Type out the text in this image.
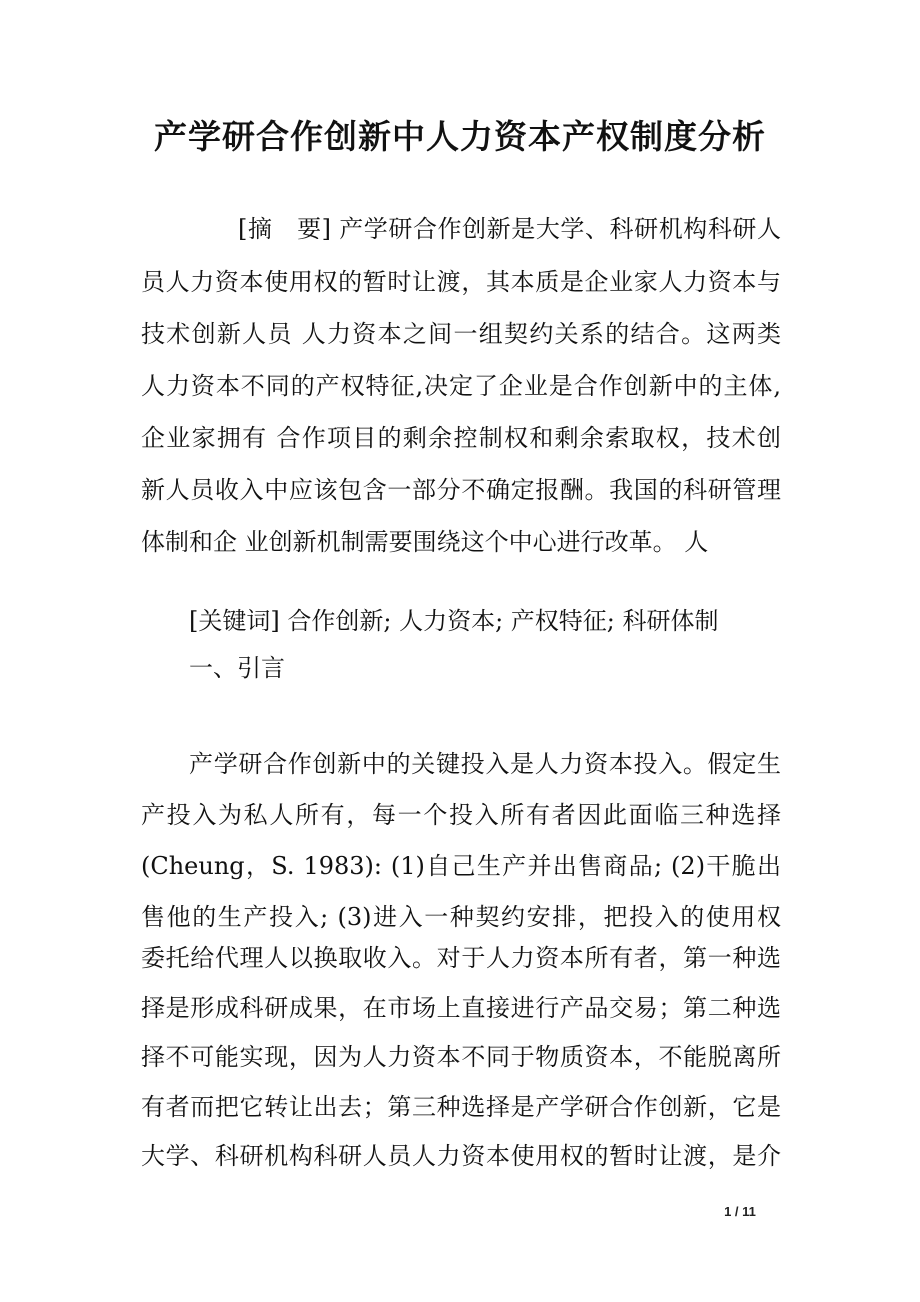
产学研合作创新中人力资本产权制度分析
[摘　要] 产学研合作创新是大学、科研机构科研人
员人力资本使用权的暂时让渡，其本质是企业家人力资本与
技术创新人员 人力资本之间一组契约关系的结合。这两类
人力资本不同的产权特征,决定了企业是合作创新中的主体,
企业家拥有 合作项目的剩余控制权和剩余索取权，技术创
新人员收入中应该包含一部分不确定报酬。我国的科研管理
体制和企 业创新机制需要围绕这个中心进行改革。 人
[关键词] 合作创新; 人力资本; 产权特征; 科研体制
一、引言
产学研合作创新中的关键投入是人力资本投入。假定生
产投入为私人所有，每一个投入所有者因此面临三种选择
(Cheung，S. 1983): (1)自己生产并出售商品; (2)干脆出
售他的生产投入; (3)进入一种契约安排，把投入的使用权
委托给代理人以换取收入。对于人力资本所有者，第一种选
择是形成科研成果，在市场上直接进行产品交易；第二种选
择不可能实现，因为人力资本不同于物质资本，不能脱离所
有者而把它转让出去；第三种选择是产学研合作创新，它是
大学、科研机构科研人员人力资本使用权的暂时让渡，是介
1 / 11
